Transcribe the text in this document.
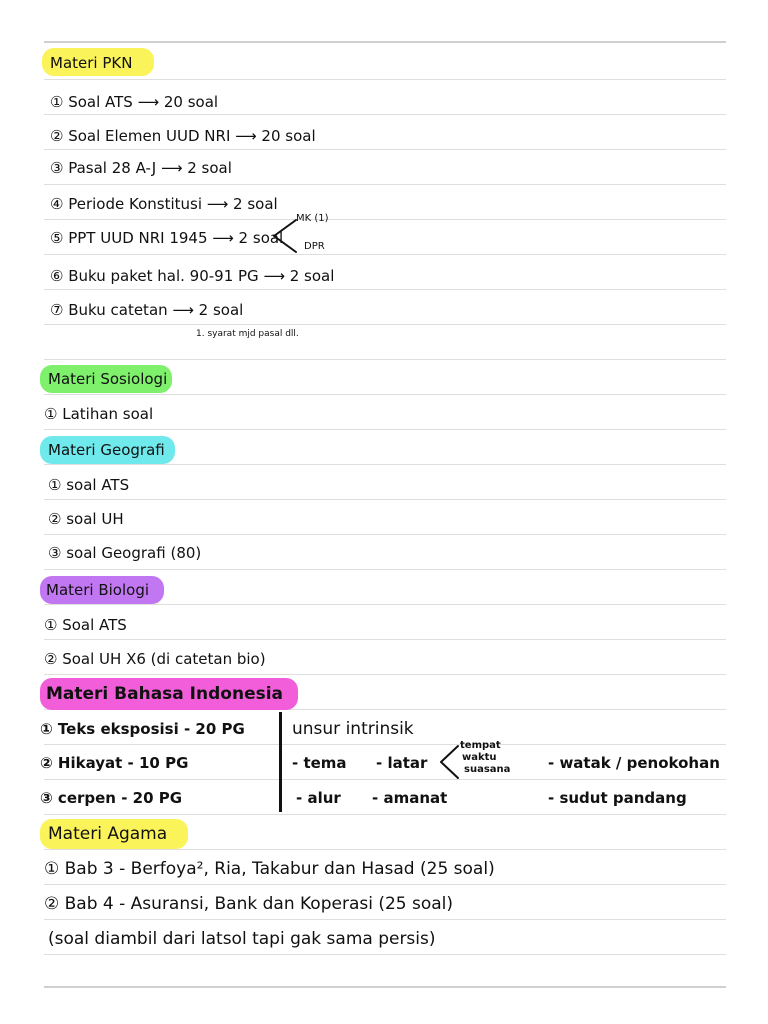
Materi PKN
① Soal ATS ⟶ 20 soal
② Soal Elemen UUD NRI ⟶ 20 soal
③ Pasal 28 A-J ⟶ 2 soal
④ Periode Konstitusi ⟶ 2 soal
⑤ PPT UUD NRI 1945 ⟶ 2 soal
MK (1)
DPR
⑥ Buku paket hal. 90-91 PG ⟶ 2 soal
⑦ Buku catetan ⟶ 2 soal
1. syarat mjd pasal dll.
Materi Sosiologi
① Latihan soal
Materi Geografi
① soal ATS
② soal UH
③ soal Geografi (80)
Materi Biologi
① Soal ATS
② Soal UH X6 (di catetan bio)
Materi Bahasa Indonesia
① Teks eksposisi - 20 PG
② Hikayat - 10 PG
③ cerpen - 20 PG
unsur intrinsik
- tema - latar
tempat
waktu
suasana	- watak / penokohan
- alur - amanat	- sudut pandang
Materi Agama
① Bab 3 - Berfoya², Ria, Takabur dan Hasad (25 soal)
② Bab 4 - Asuransi, Bank dan Koperasi (25 soal)
(soal diambil dari latsol tapi gak sama persis)
